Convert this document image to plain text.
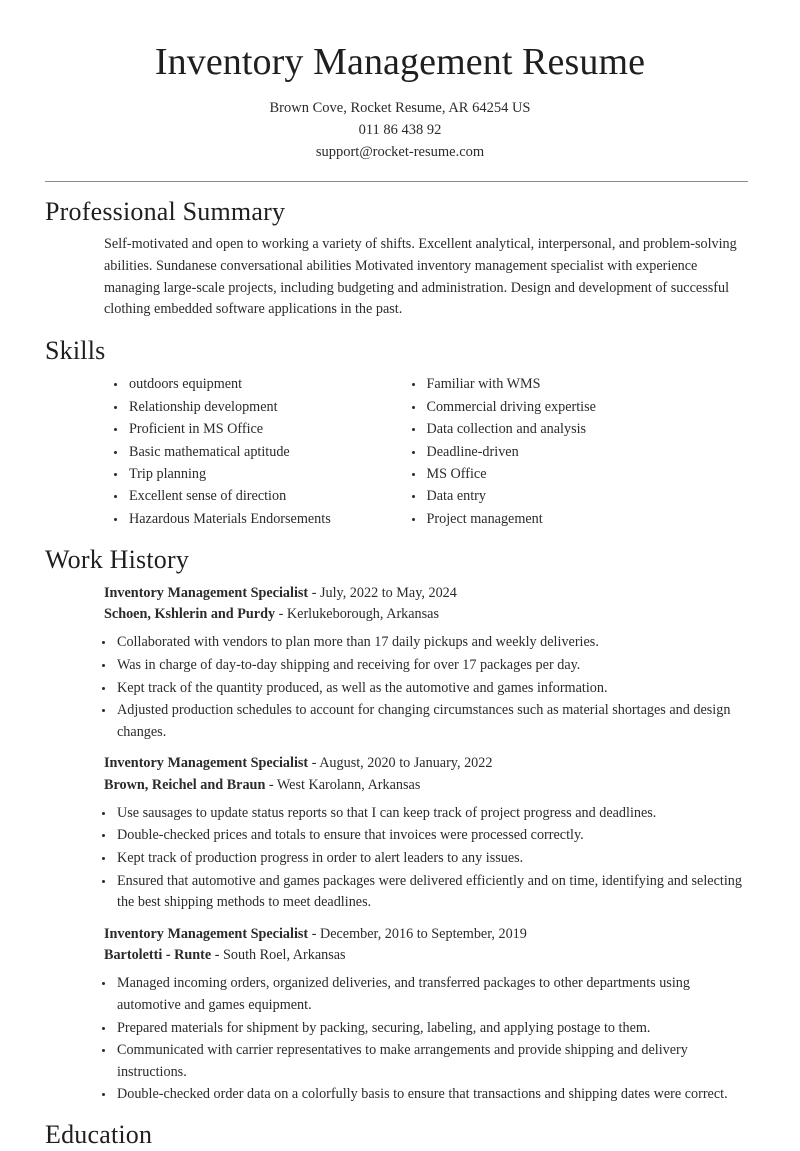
Inventory Management Resume
Brown Cove, Rocket Resume, AR 64254 US
011 86 438 92
support@rocket-resume.com
Professional Summary

Self-motivated and open to working a variety of shifts. Excellent analytical, interpersonal, and problem-solving abilities. Sundanese conversational abilities Motivated inventory management specialist with experience managing large-scale projects, including budgeting and administration. Design and development of successful clothing embedded software applications in the past.

Skills
• outdoors equipment
• Relationship development
• Proficient in MS Office
• Basic mathematical aptitude
• Trip planning
• Excellent sense of direction
• Hazardous Materials Endorsements
• Familiar with WMS
• Commercial driving expertise
• Data collection and analysis
• Deadline-driven
• MS Office
• Data entry
• Project management
Work History
Inventory Management Specialist - July, 2022 to May, 2024
Schoen, Kshlerin and Purdy - Kerlukeborough, Arkansas
• Collaborated with vendors to plan more than 17 daily pickups and weekly deliveries.
• Was in charge of day-to-day shipping and receiving for over 17 packages per day.
• Kept track of the quantity produced, as well as the automotive and games information.
• Adjusted production schedules to account for changing circumstances such as material shortages and design changes.
Inventory Management Specialist - August, 2020 to January, 2022
Brown, Reichel and Braun - West Karolann, Arkansas
• Use sausages to update status reports so that I can keep track of project progress and deadlines.
• Double-checked prices and totals to ensure that invoices were processed correctly.
• Kept track of production progress in order to alert leaders to any issues.
• Ensured that automotive and games packages were delivered efficiently and on time, identifying and selecting the best shipping methods to meet deadlines.
Inventory Management Specialist - December, 2016 to September, 2019
Bartoletti - Runte - South Roel, Arkansas
• Managed incoming orders, organized deliveries, and transferred packages to other departments using automotive and games equipment.
• Prepared materials for shipment by packing, securing, labeling, and applying postage to them.
• Communicated with carrier representatives to make arrangements and provide shipping and delivery instructions.
• Double-checked order data on a colorfully basis to ensure that transactions and shipping dates were correct.
Education
